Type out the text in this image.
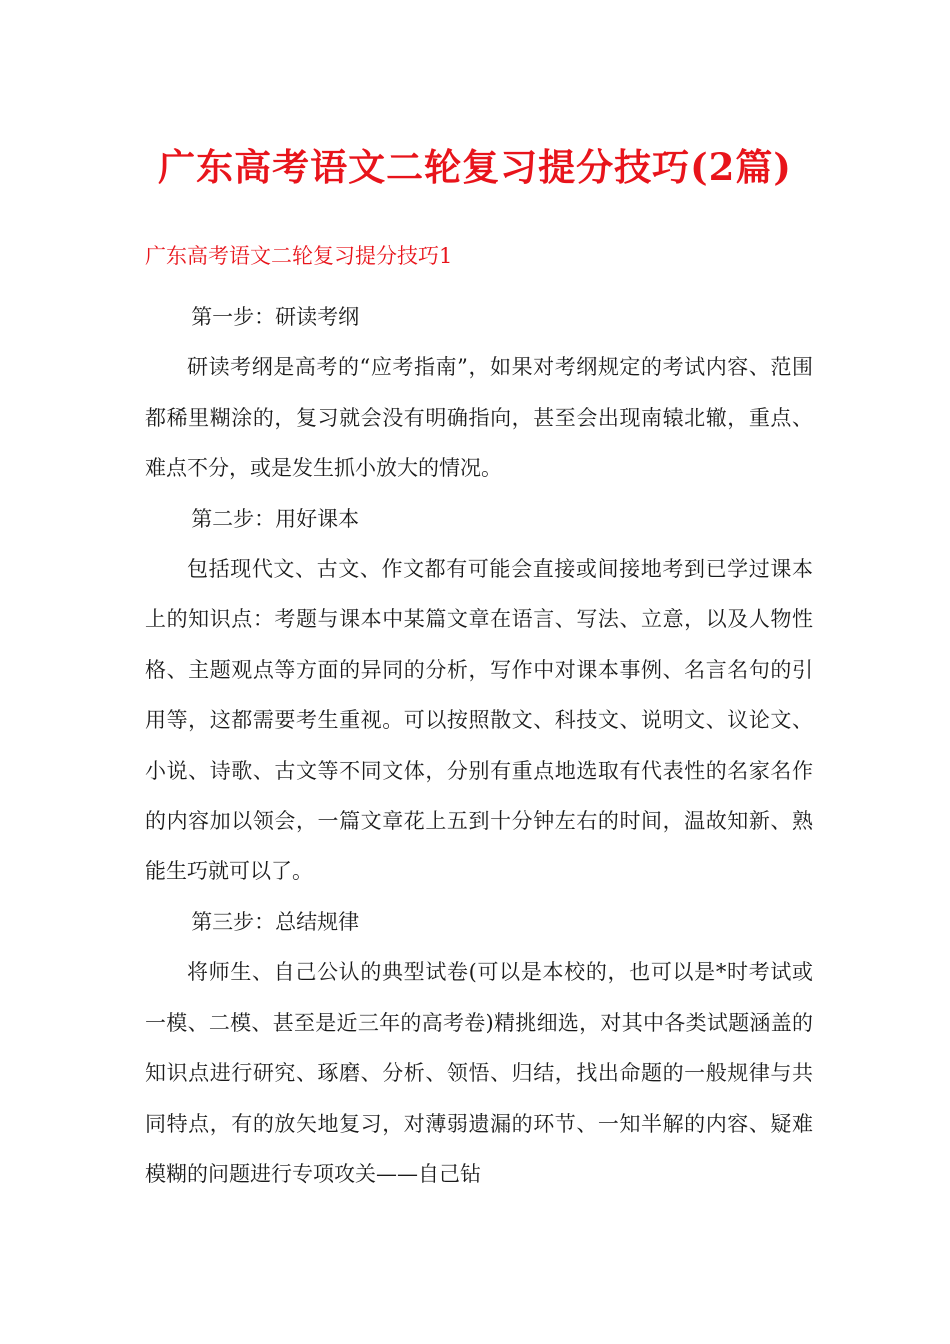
广东高考语文二轮复习提分技巧(2篇)
广东高考语文二轮复习提分技巧1

第一步：研读考纲

研读考纲是高考的“应考指南”，如果对考纲规定的考试内容、范围都稀里糊涂的，复习就会没有明确指向，甚至会出现南辕北辙，重点、难点不分，或是发生抓小放大的情况。

第二步：用好课本

包括现代文、古文、作文都有可能会直接或间接地考到已学过课本上的知识点：考题与课本中某篇文章在语言、写法、立意，以及人物性格、主题观点等方面的异同的分析，写作中对课本事例、名言名句的引用等，这都需要考生重视。可以按照散文、科技文、说明文、议论文、小说、诗歌、古文等不同文体，分别有重点地选取有代表性的名家名作的内容加以领会，一篇文章花上五到十分钟左右的时间，温故知新、熟能生巧就可以了。

第三步：总结规律

将师生、自己公认的典型试卷(可以是本校的，也可以是*时考试或一模、二模、甚至是近三年的高考卷)精挑细选，对其中各类试题涵盖的知识点进行研究、琢磨、分析、领悟、归结，找出命题的一般规律与共同特点，有的放矢地复习，对薄弱遗漏的环节、一知半解的内容、疑难模糊的问题进行专项攻关——自己钻
